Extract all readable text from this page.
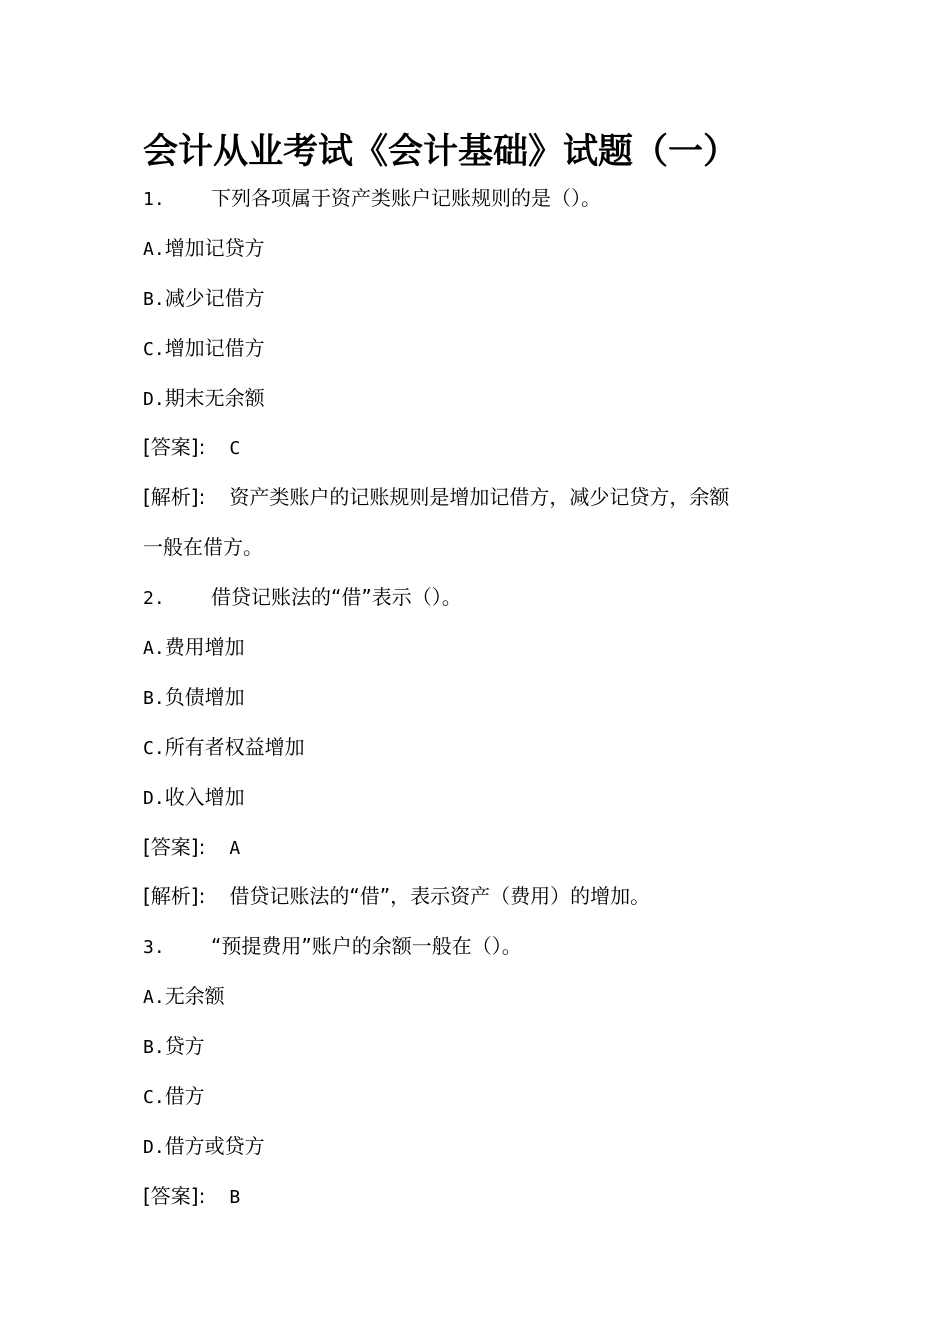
会计从业考试《会计基础》试题（一）
1. 下列各项属于资产类账户记账规则的是（）。
A.增加记贷方
B.减少记借方
C.增加记借方
D.期末无余额
[答案]: C
[解析]: 资产类账户的记账规则是增加记借方，减少记贷方，余额
一般在借方。
2. 借贷记账法的“借”表示（）。
A.费用增加
B.负债增加
C.所有者权益增加
D.收入增加
[答案]: A
[解析]: 借贷记账法的“借”，表示资产（费用）的增加。
3. “预提费用”账户的余额一般在（）。
A.无余额
B.贷方
C.借方
D.借方或贷方
[答案]: B
